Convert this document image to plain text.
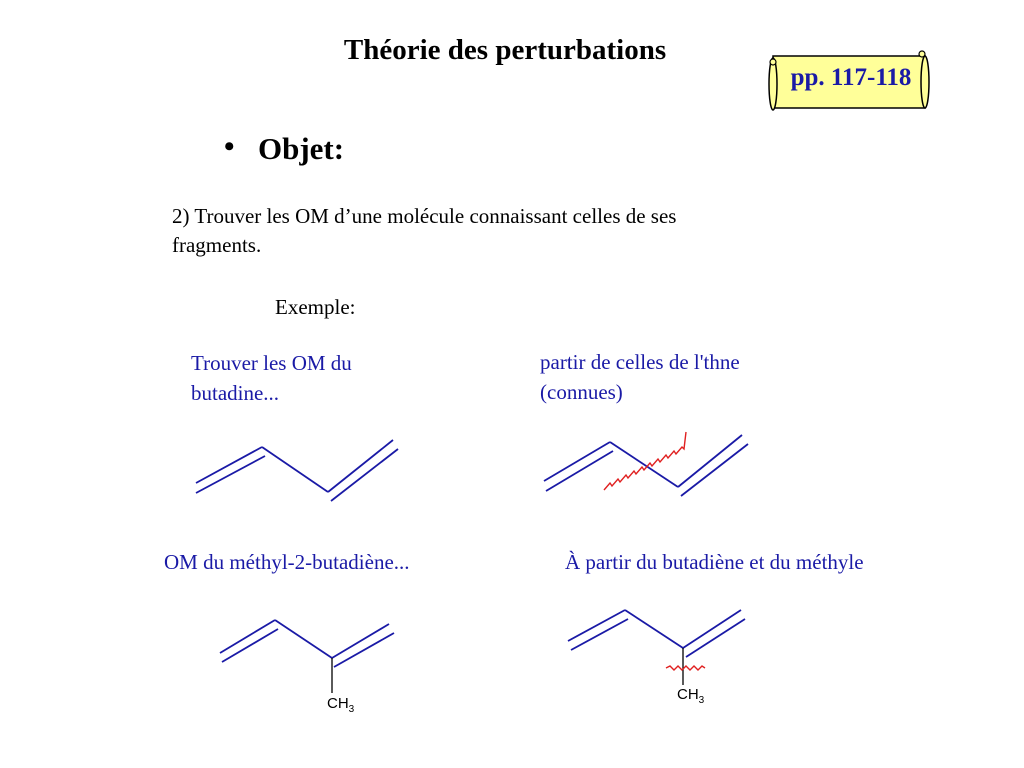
Théorie des perturbations
pp. 117-118
• Objet:
2) Trouver les OM d’une molécule connaissant celles de ses fragments.
Exemple:
Trouver les OM du butadine...
partir de celles de l'thne (connues)
OM du méthyl-2-butadiène...	À partir du butadiène et du méthyle
$CH_3$
$CH_3$
